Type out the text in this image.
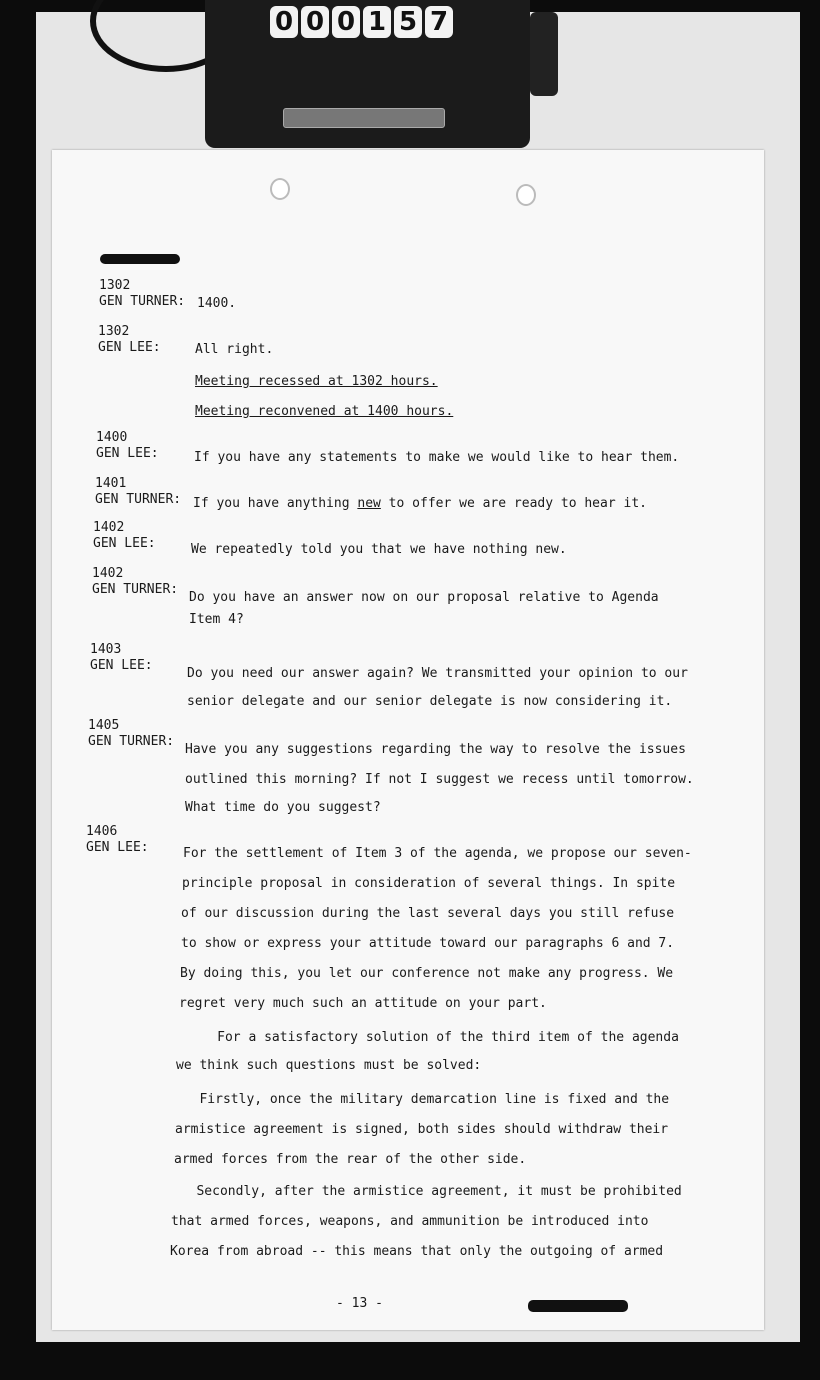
0 0 0 1 5 7
1302
GEN TURNER: 1400.
1302
GEN LEE:	All right.
Meeting recessed at 1302 hours.
Meeting reconvened at 1400 hours.
1400
GEN LEE:	If you have any statements to make we would like to hear them.
1401
GEN TURNER: If you have anything new to offer we are ready to hear it.
1402
GEN LEE:	We repeatedly told you that we have nothing new.
1402
GEN TURNER:
Do you have an answer now on our proposal relative to Agenda
Item 4?
1403
GEN LEE:
Do you need our answer again? We transmitted your opinion to our
senior delegate and our senior delegate is now considering it.
1405
GEN TURNER:
Have you any suggestions regarding the way to resolve the issues
outlined this morning? If not I suggest we recess until tomorrow.
What time do you suggest?
1406
GEN LEE:	For the settlement of Item 3 of the agenda, we propose our seven-
principle proposal in consideration of several things. In spite
of our discussion during the last several days you still refuse
to show or express your attitude toward our paragraphs 6 and 7.
By doing this, you let our conference not make any progress. We
regret very much such an attitude on your part.
For a satisfactory solution of the third item of the agenda
we think such questions must be solved:
Firstly, once the military demarcation line is fixed and the
armistice agreement is signed, both sides should withdraw their
armed forces from the rear of the other side.
Secondly, after the armistice agreement, it must be prohibited
that armed forces, weapons, and ammunition be introduced into
Korea from abroad -- this means that only the outgoing of armed
- 13 -
